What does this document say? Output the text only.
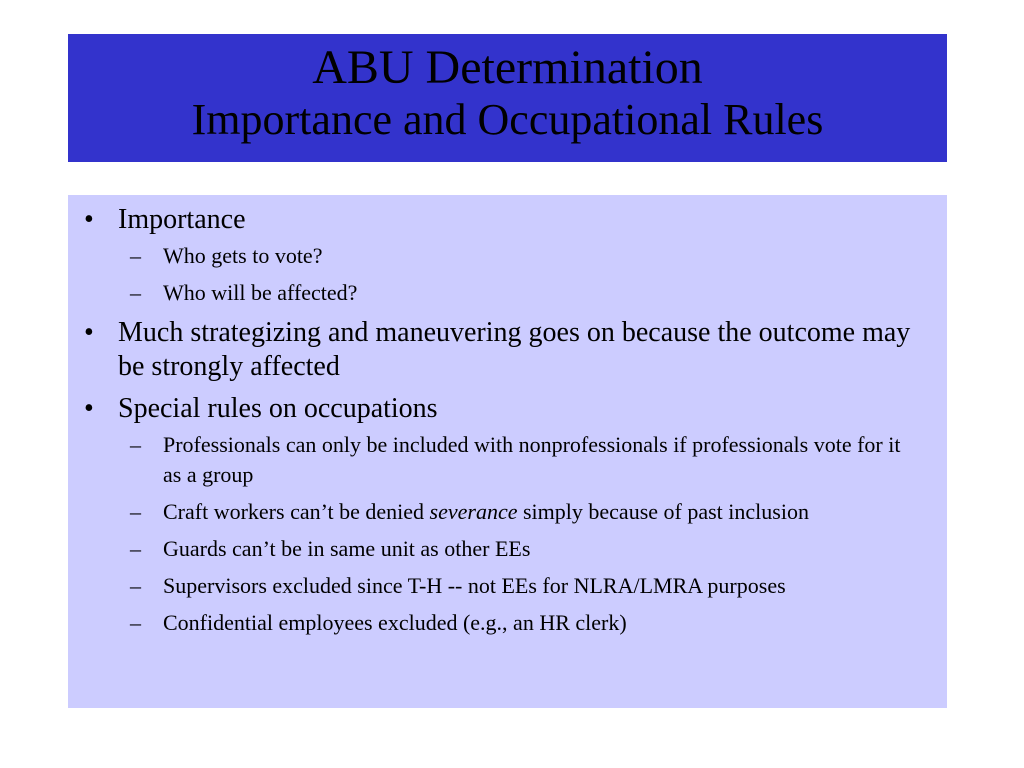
ABU Determination
Importance and Occupational Rules
• Importance
– Who gets to vote?
– Who will be affected?
• Much strategizing and maneuvering goes on because the outcome may be strongly affected
• Special rules on occupations
– Professionals can only be included with nonprofessionals if professionals vote for it as a group
– Craft workers can’t be denied severance simply because of past inclusion
– Guards can’t be in same unit as other EEs
– Supervisors excluded since T-H -- not EEs for NLRA/LMRA purposes
– Confidential employees excluded (e.g., an HR clerk)
